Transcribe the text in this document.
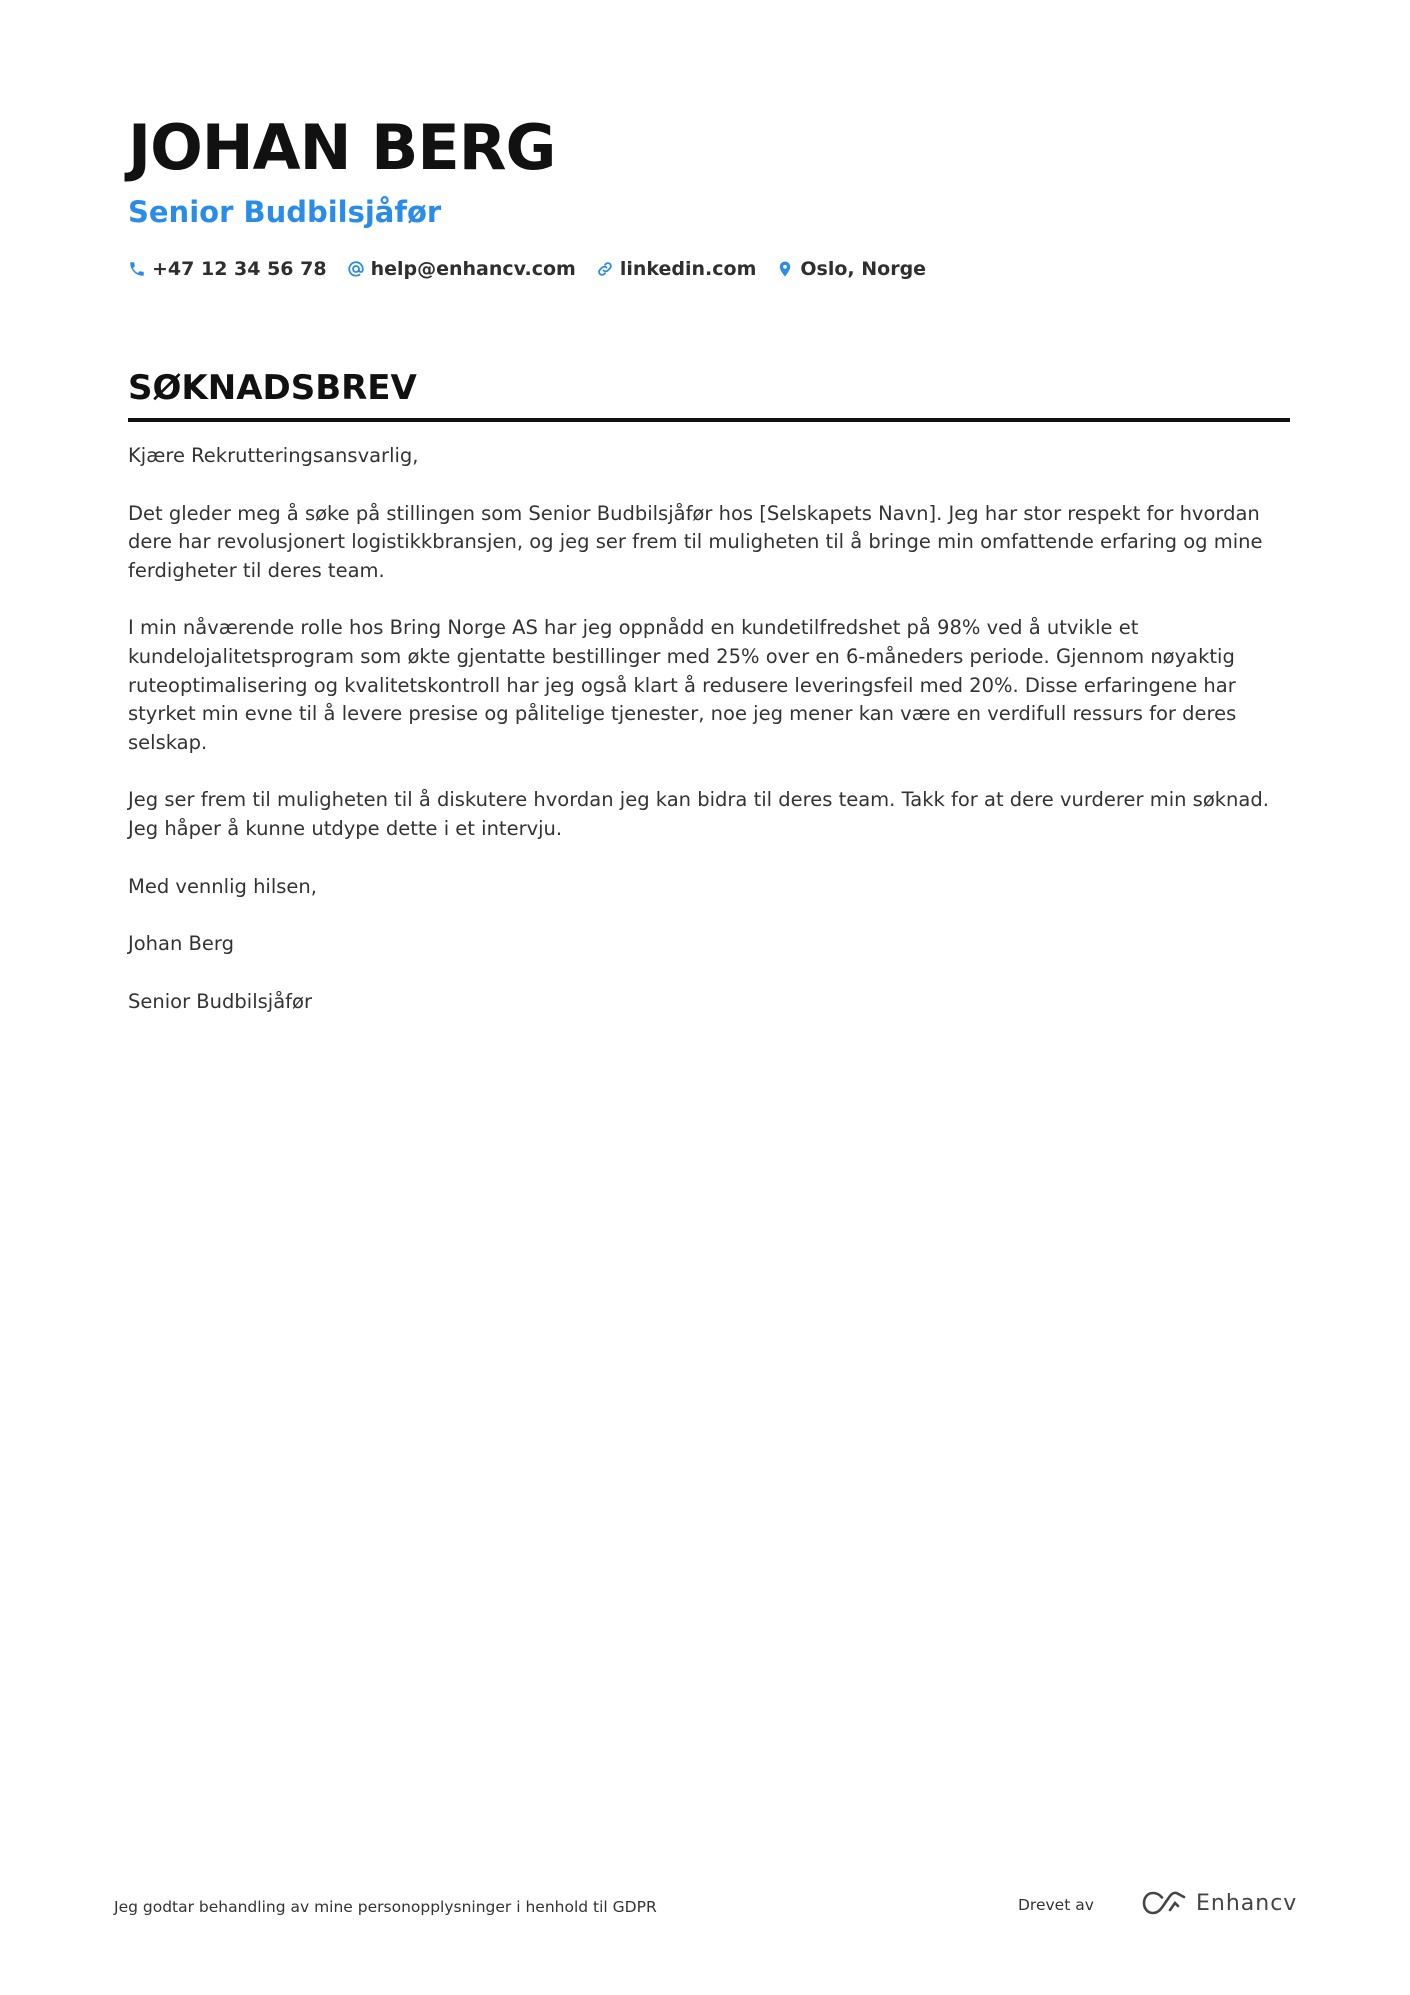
JOHAN BERG
Senior Budbilsjåfør
+47 12 34 56 78 help@enhancv.com linkedin.com Oslo, Norge
SØKNADSBREV

Kjære Rekrutteringsansvarlig,

Det gleder meg å søke på stillingen som Senior Budbilsjåfør hos [Selskapets Navn]. Jeg har stor respekt for hvordan dere har revolusjonert logistikkbransjen, og jeg ser frem til muligheten til å bringe min omfattende erfaring og mine ferdigheter til deres team.

I min nåværende rolle hos Bring Norge AS har jeg oppnådd en kundetilfredshet på 98% ved å utvikle et kundelojalitetsprogram som økte gjentatte bestillinger med 25% over en 6-måneders periode. Gjennom nøyaktig ruteoptimalisering og kvalitetskontroll har jeg også klart å redusere leveringsfeil med 20%. Disse erfaringene har styrket min evne til å levere presise og pålitelige tjenester, noe jeg mener kan være en verdifull ressurs for deres selskap.

Jeg ser frem til muligheten til å diskutere hvordan jeg kan bidra til deres team. Takk for at dere vurderer min søknad. Jeg håper å kunne utdype dette i et intervju.

Med vennlig hilsen,

Johan Berg

Senior Budbilsjåfør

Jeg godtar behandling av mine personopplysninger i henhold til GDPR	Drevet av	Enhancv
